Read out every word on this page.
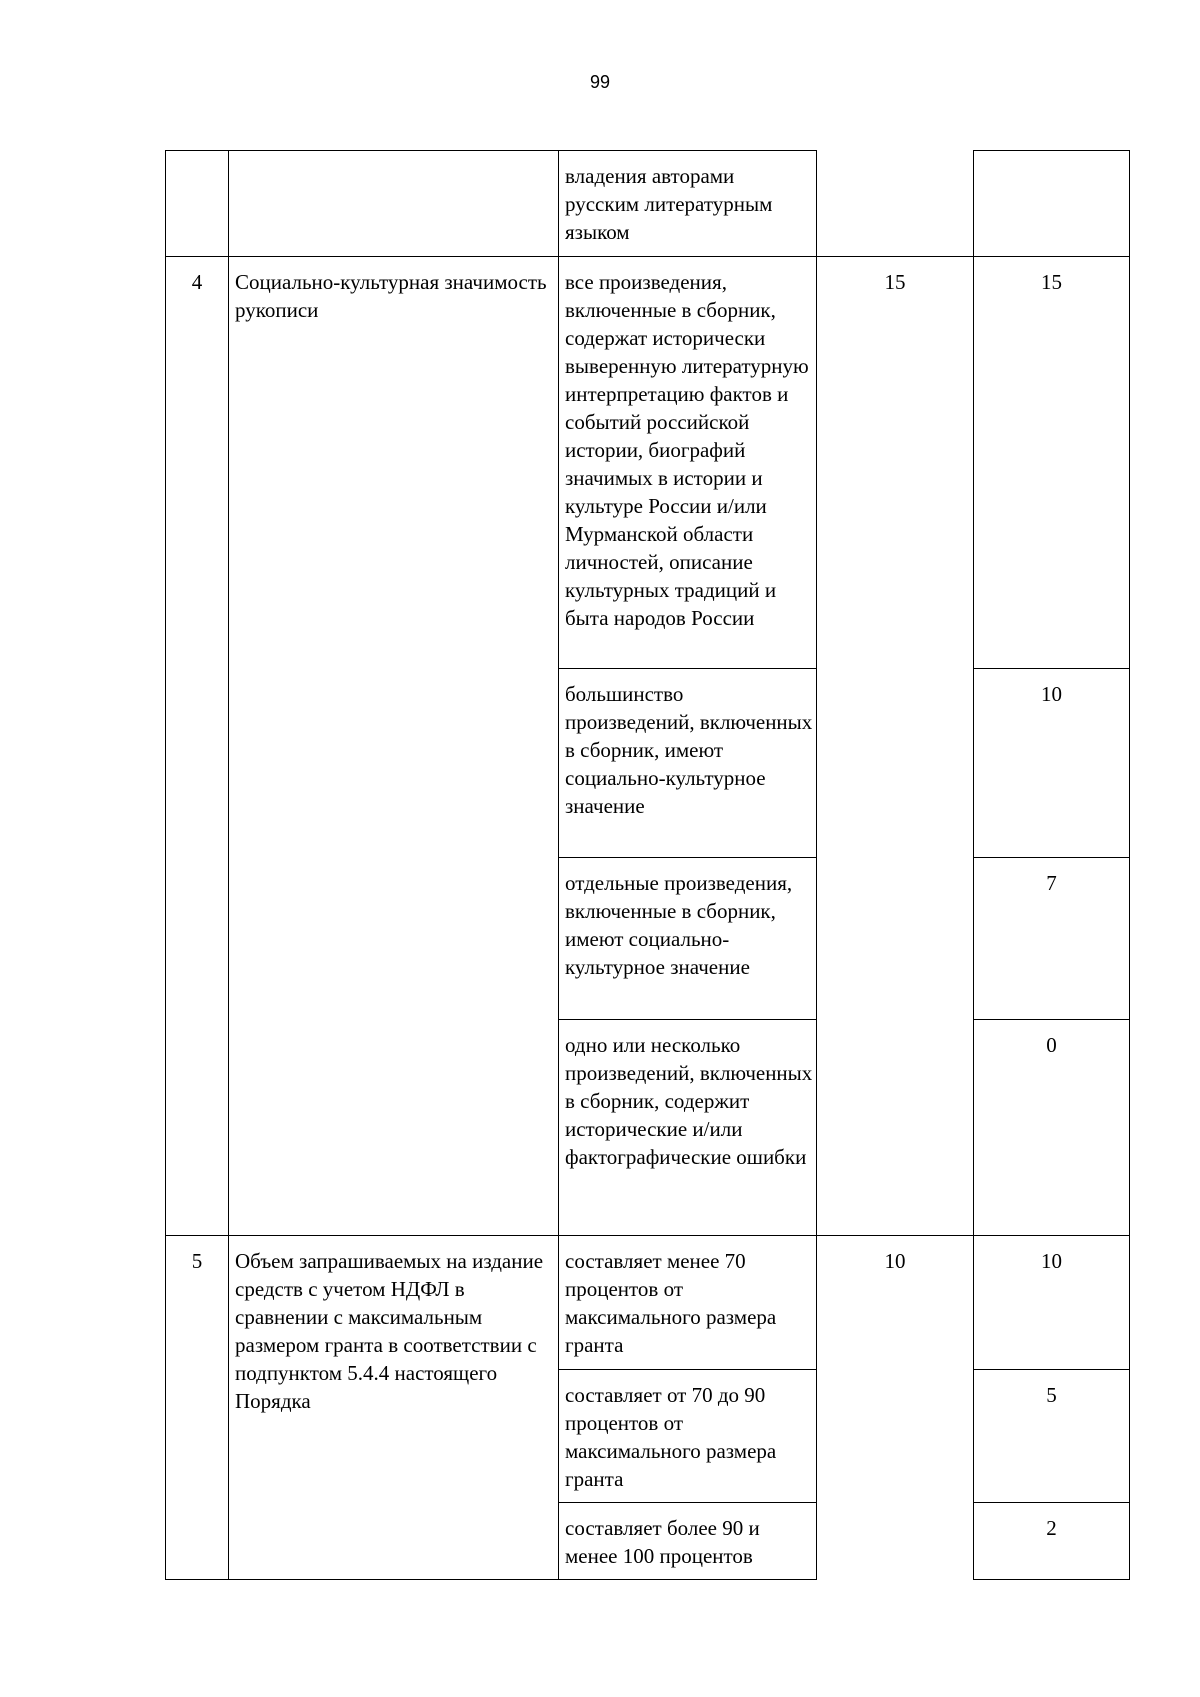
99
владения авторами русским литературным языком
4	Социально-культурная значимость рукописи
15
все произведения, включенные в сборник, содержат исторически выверенную литературную интерпретацию фактов и событий российской истории, биографий значимых в истории и культуре России и/или Мурманской области личностей, описание культурных традиций и быта народов России
15
большинство произведений, включенных в сборник, имеют социально-культурное значение
10
отдельные произведения, включенные в сборник, имеют социально-культурное значение
7
одно или несколько произведений, включенных в сборник, содержит исторические и/или фактографические ошибки
0
5	Объем запрашиваемых на издание средств с учетом НДФЛ в сравнении с максимальным размером гранта в соответствии с подпунктом 5.4.4 настоящего Порядка
10
составляет менее 70 процентов от максимального размера гранта
10
составляет от 70 до 90 процентов от максимального размера гранта
5
составляет более 90 и менее 100 процентов
2
